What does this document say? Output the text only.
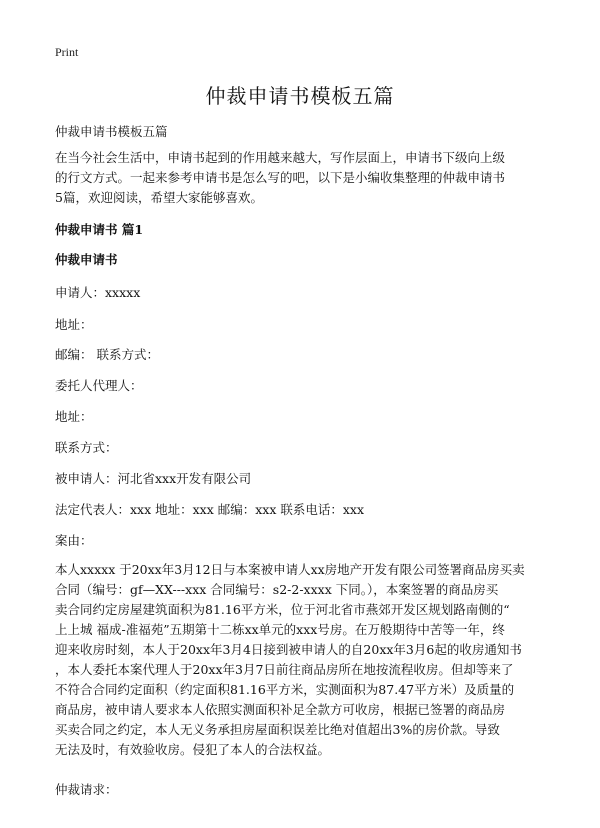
Print
仲裁申请书模板五篇
仲裁申请书模板五篇
在当今社会生活中，申请书起到的作用越来越大，写作层面上，申请书下级向上级
的行文方式。一起来参考申请书是怎么写的吧，以下是小编收集整理的仲裁申请书
5篇，欢迎阅读，希望大家能够喜欢。
仲裁申请书 篇1
仲裁申请书
申请人：xxxxx
地址：
邮编： 联系方式：
委托人代理人：
地址：
联系方式：
被申请人：河北省xxx开发有限公司
法定代表人：xxx 地址：xxx 邮编：xxx 联系电话：xxx
案由：
本人xxxxx 于20xx年3月12日与本案被申请人xx房地产开发有限公司签署商品房买卖
合同（编号：gf—XX---xxx 合同编号：s2-2-xxxx 下同。），本案签署的商品房买
卖合同约定房屋建筑面积为81.16平方米，位于河北省市燕郊开发区规划路南侧的“
上上城 福成-准福苑”五期第十二栋xx单元的xxx号房。在万般期待中苦等一年，终
迎来收房时刻，本人于20xx年3月4日接到被申请人的自20xx年3月6起的收房通知书
，本人委托本案代理人于20xx年3月7日前往商品房所在地按流程收房。但却等来了
不符合合同约定面积（约定面积81.16平方米，实测面积为87.47平方米）及质量的
商品房，被申请人要求本人依照实测面积补足全款方可收房，根据已签署的商品房
买卖合同之约定，本人无义务承担房屋面积误差比绝对值超出3%的房价款。导致
无法及时，有效验收房。侵犯了本人的合法权益。
仲裁请求：
